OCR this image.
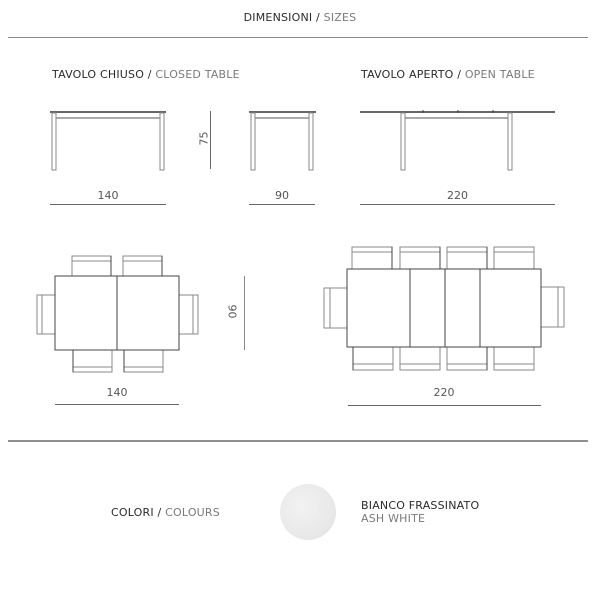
DIMENSIONI / SIZES
TAVOLO CHIUSO / CLOSED TABLE	TAVOLO APERTO / OPEN TABLE
140
75
90	220
90
140	220
COLORI / COLOURS
BIANCO FRASSINATO
ASH WHITE
